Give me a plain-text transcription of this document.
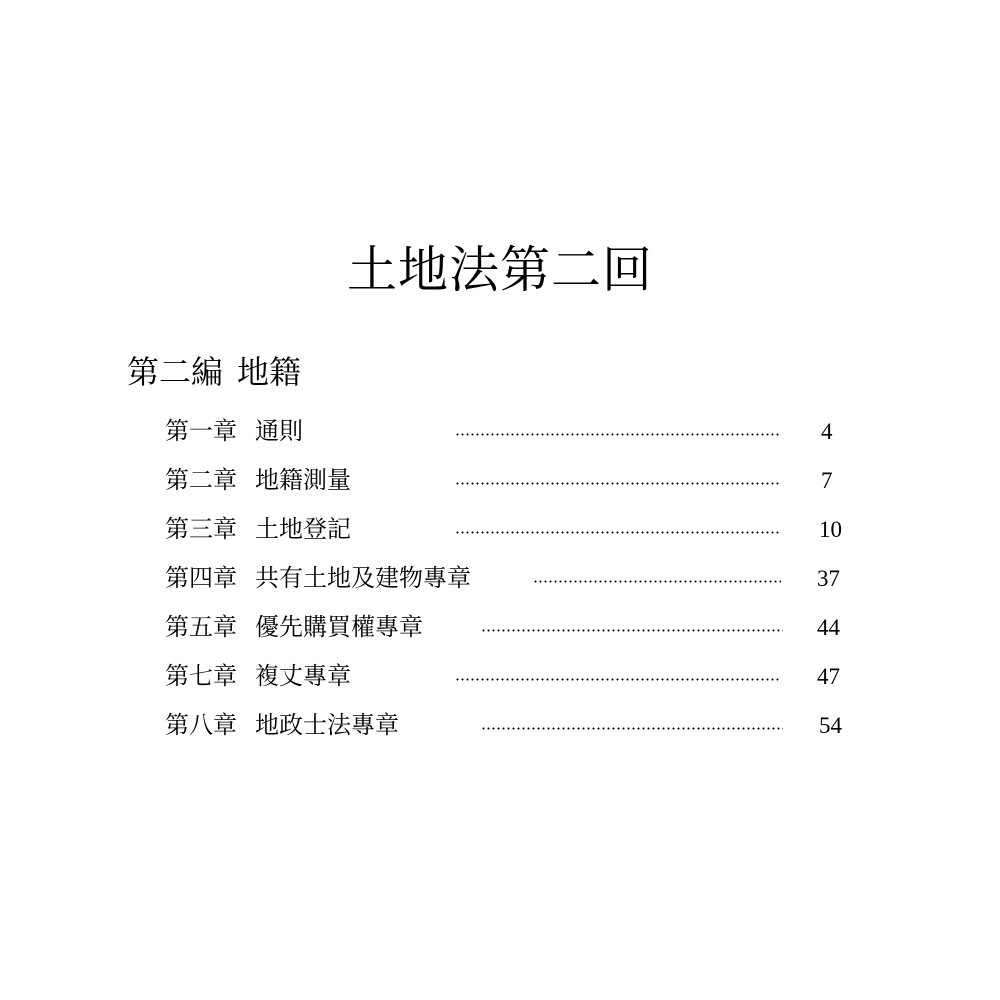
土地法第二回
第二編 地籍
第一章 通則	4
第二章 地籍測量	7
第三章 土地登記	10
第四章 共有土地及建物專章	37
第五章 優先購買權專章	44
第七章 複丈專章	47
第八章 地政士法專章	54
